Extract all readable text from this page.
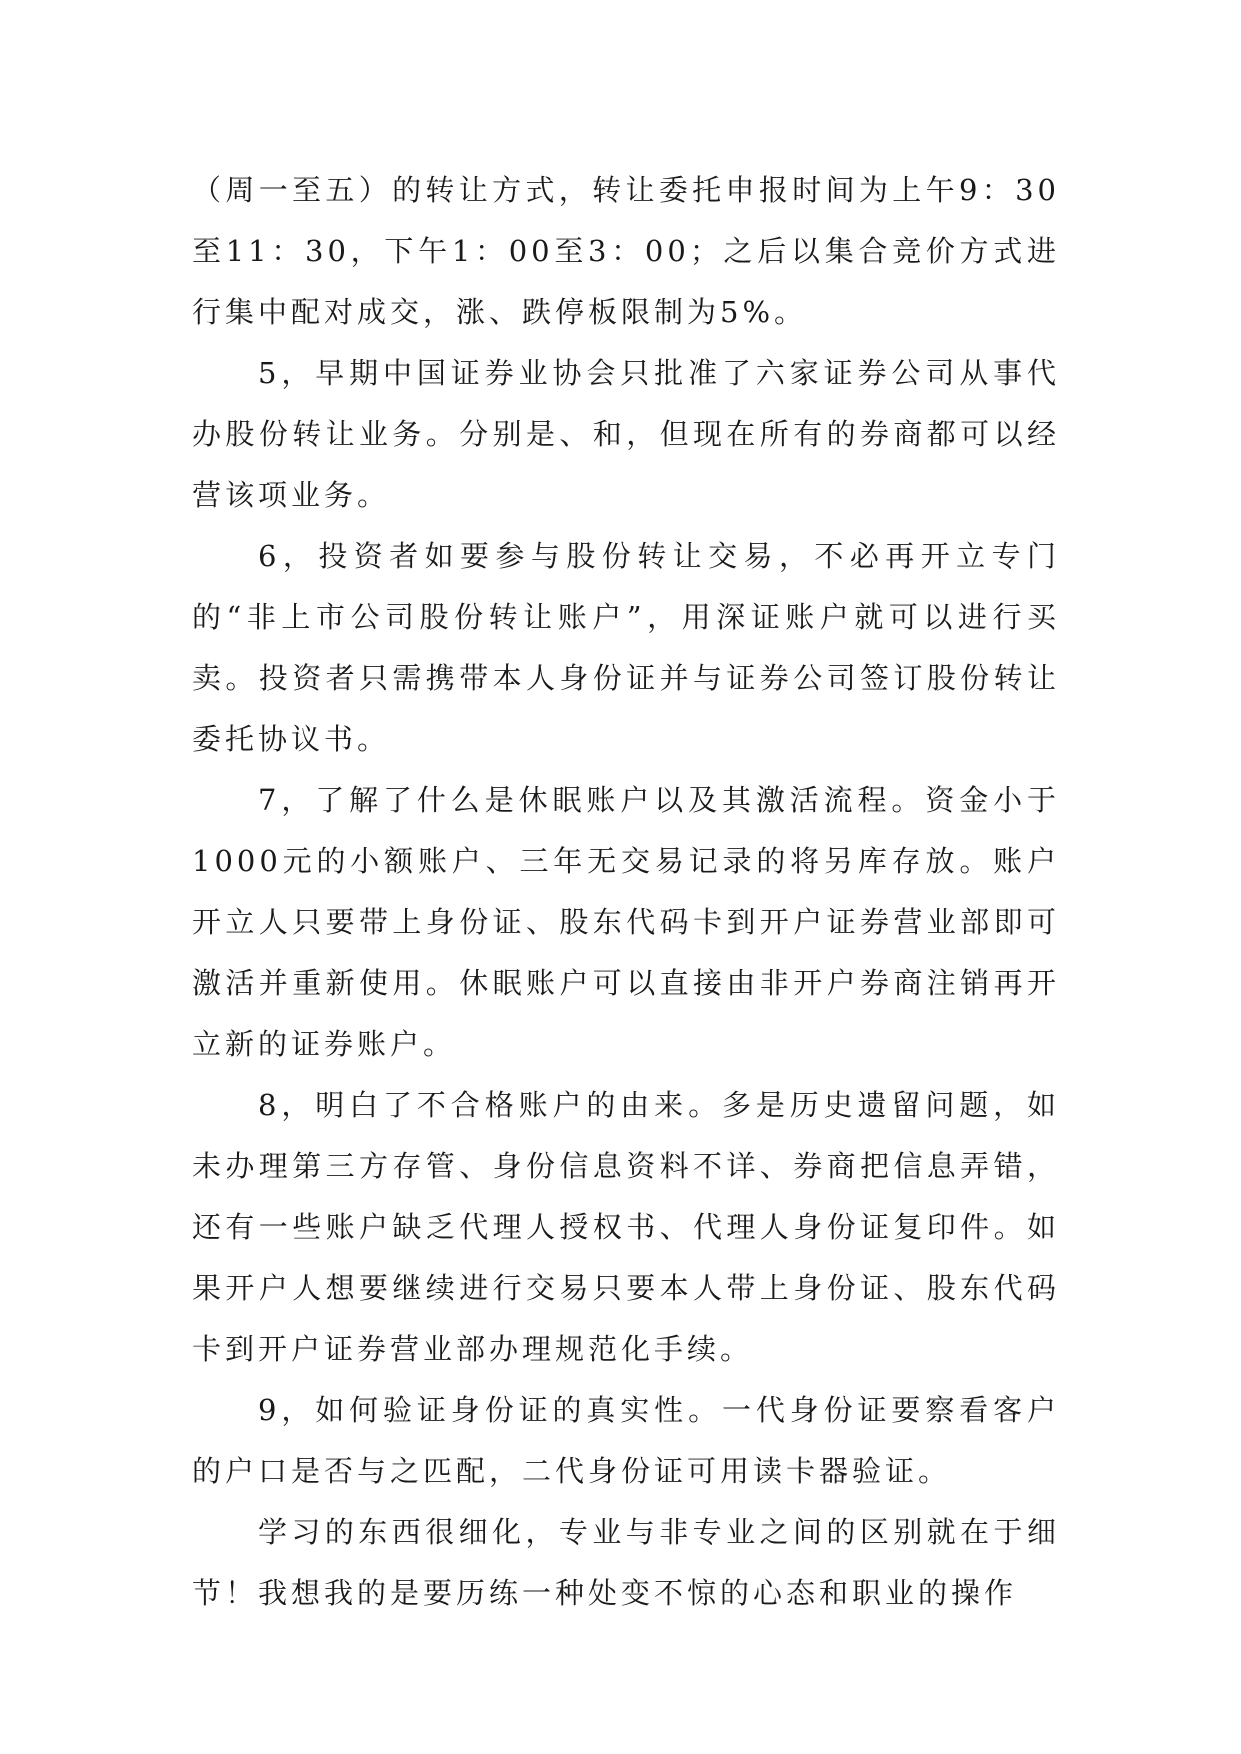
（周一至五）的转让方式，转让委托申报时间为上午9：30至11：30，下午1：00至3：00；之后以集合竞价方式进行集中配对成交，涨、跌停板限制为5%。

5，早期中国证券业协会只批准了六家证券公司从事代办股份转让业务。分别是、和，但现在所有的券商都可以经营该项业务。

6，投资者如要参与股份转让交易，不必再开立专门的“非上市公司股份转让账户”，用深证账户就可以进行买卖。投资者只需携带本人身份证并与证券公司签订股份转让委托协议书。

7，了解了什么是休眠账户以及其激活流程。资金小于1000元的小额账户、三年无交易记录的将另库存放。账户开立人只要带上身份证、股东代码卡到开户证券营业部即可激活并重新使用。休眠账户可以直接由非开户券商注销再开立新的证券账户。

8，明白了不合格账户的由来。多是历史遗留问题，如未办理第三方存管、身份信息资料不详、券商把信息弄错，还有一些账户缺乏代理人授权书、代理人身份证复印件。如果开户人想要继续进行交易只要本人带上身份证、股东代码卡到开户证券营业部办理规范化手续。

9，如何验证身份证的真实性。一代身份证要察看客户的户口是否与之匹配，二代身份证可用读卡器验证。

学习的东西很细化，专业与非专业之间的区别就在于细节！我想我的是要历练一种处变不惊的心态和职业的操作
